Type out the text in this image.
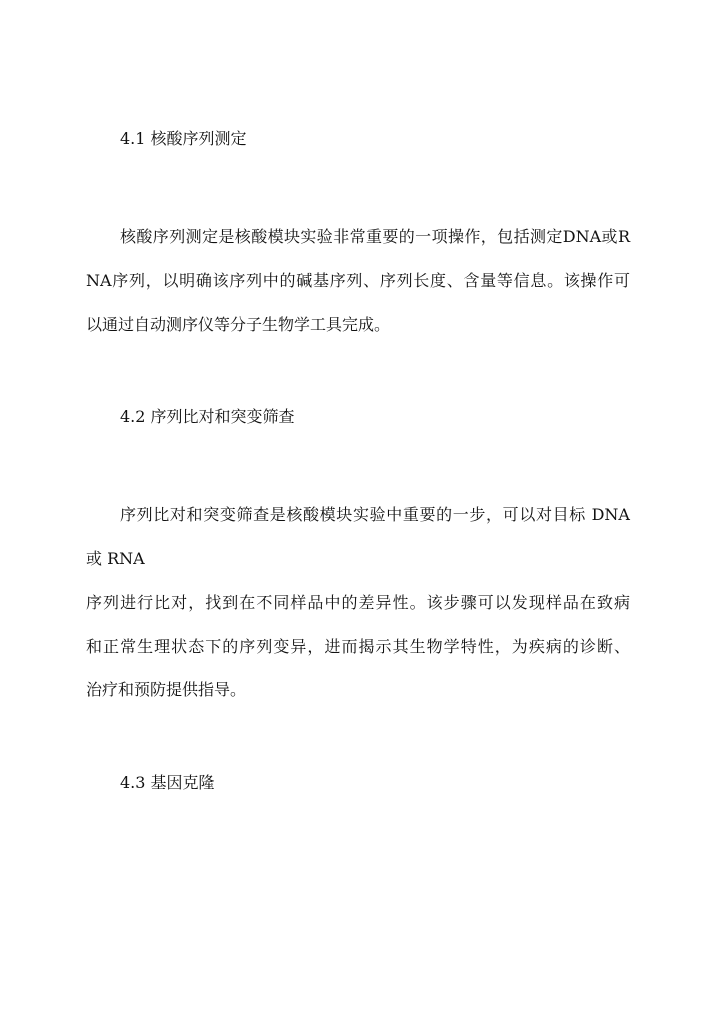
4.1 核酸序列测定

核酸序列测定是核酸模块实验非常重要的一项操作，包括测定DNA或R

NA序列，以明确该序列中的碱基序列、序列长度、含量等信息。该操作可

以通过自动测序仪等分子生物学工具完成。

4.2 序列比对和突变筛查

序列比对和突变筛查是核酸模块实验中重要的一步，可以对目标 DNA

或 RNA

序列进行比对，找到在不同样品中的差异性。该步骤可以发现样品在致病

和正常生理状态下的序列变异，进而揭示其生物学特性，为疾病的诊断、

治疗和预防提供指导。

4.3 基因克隆
